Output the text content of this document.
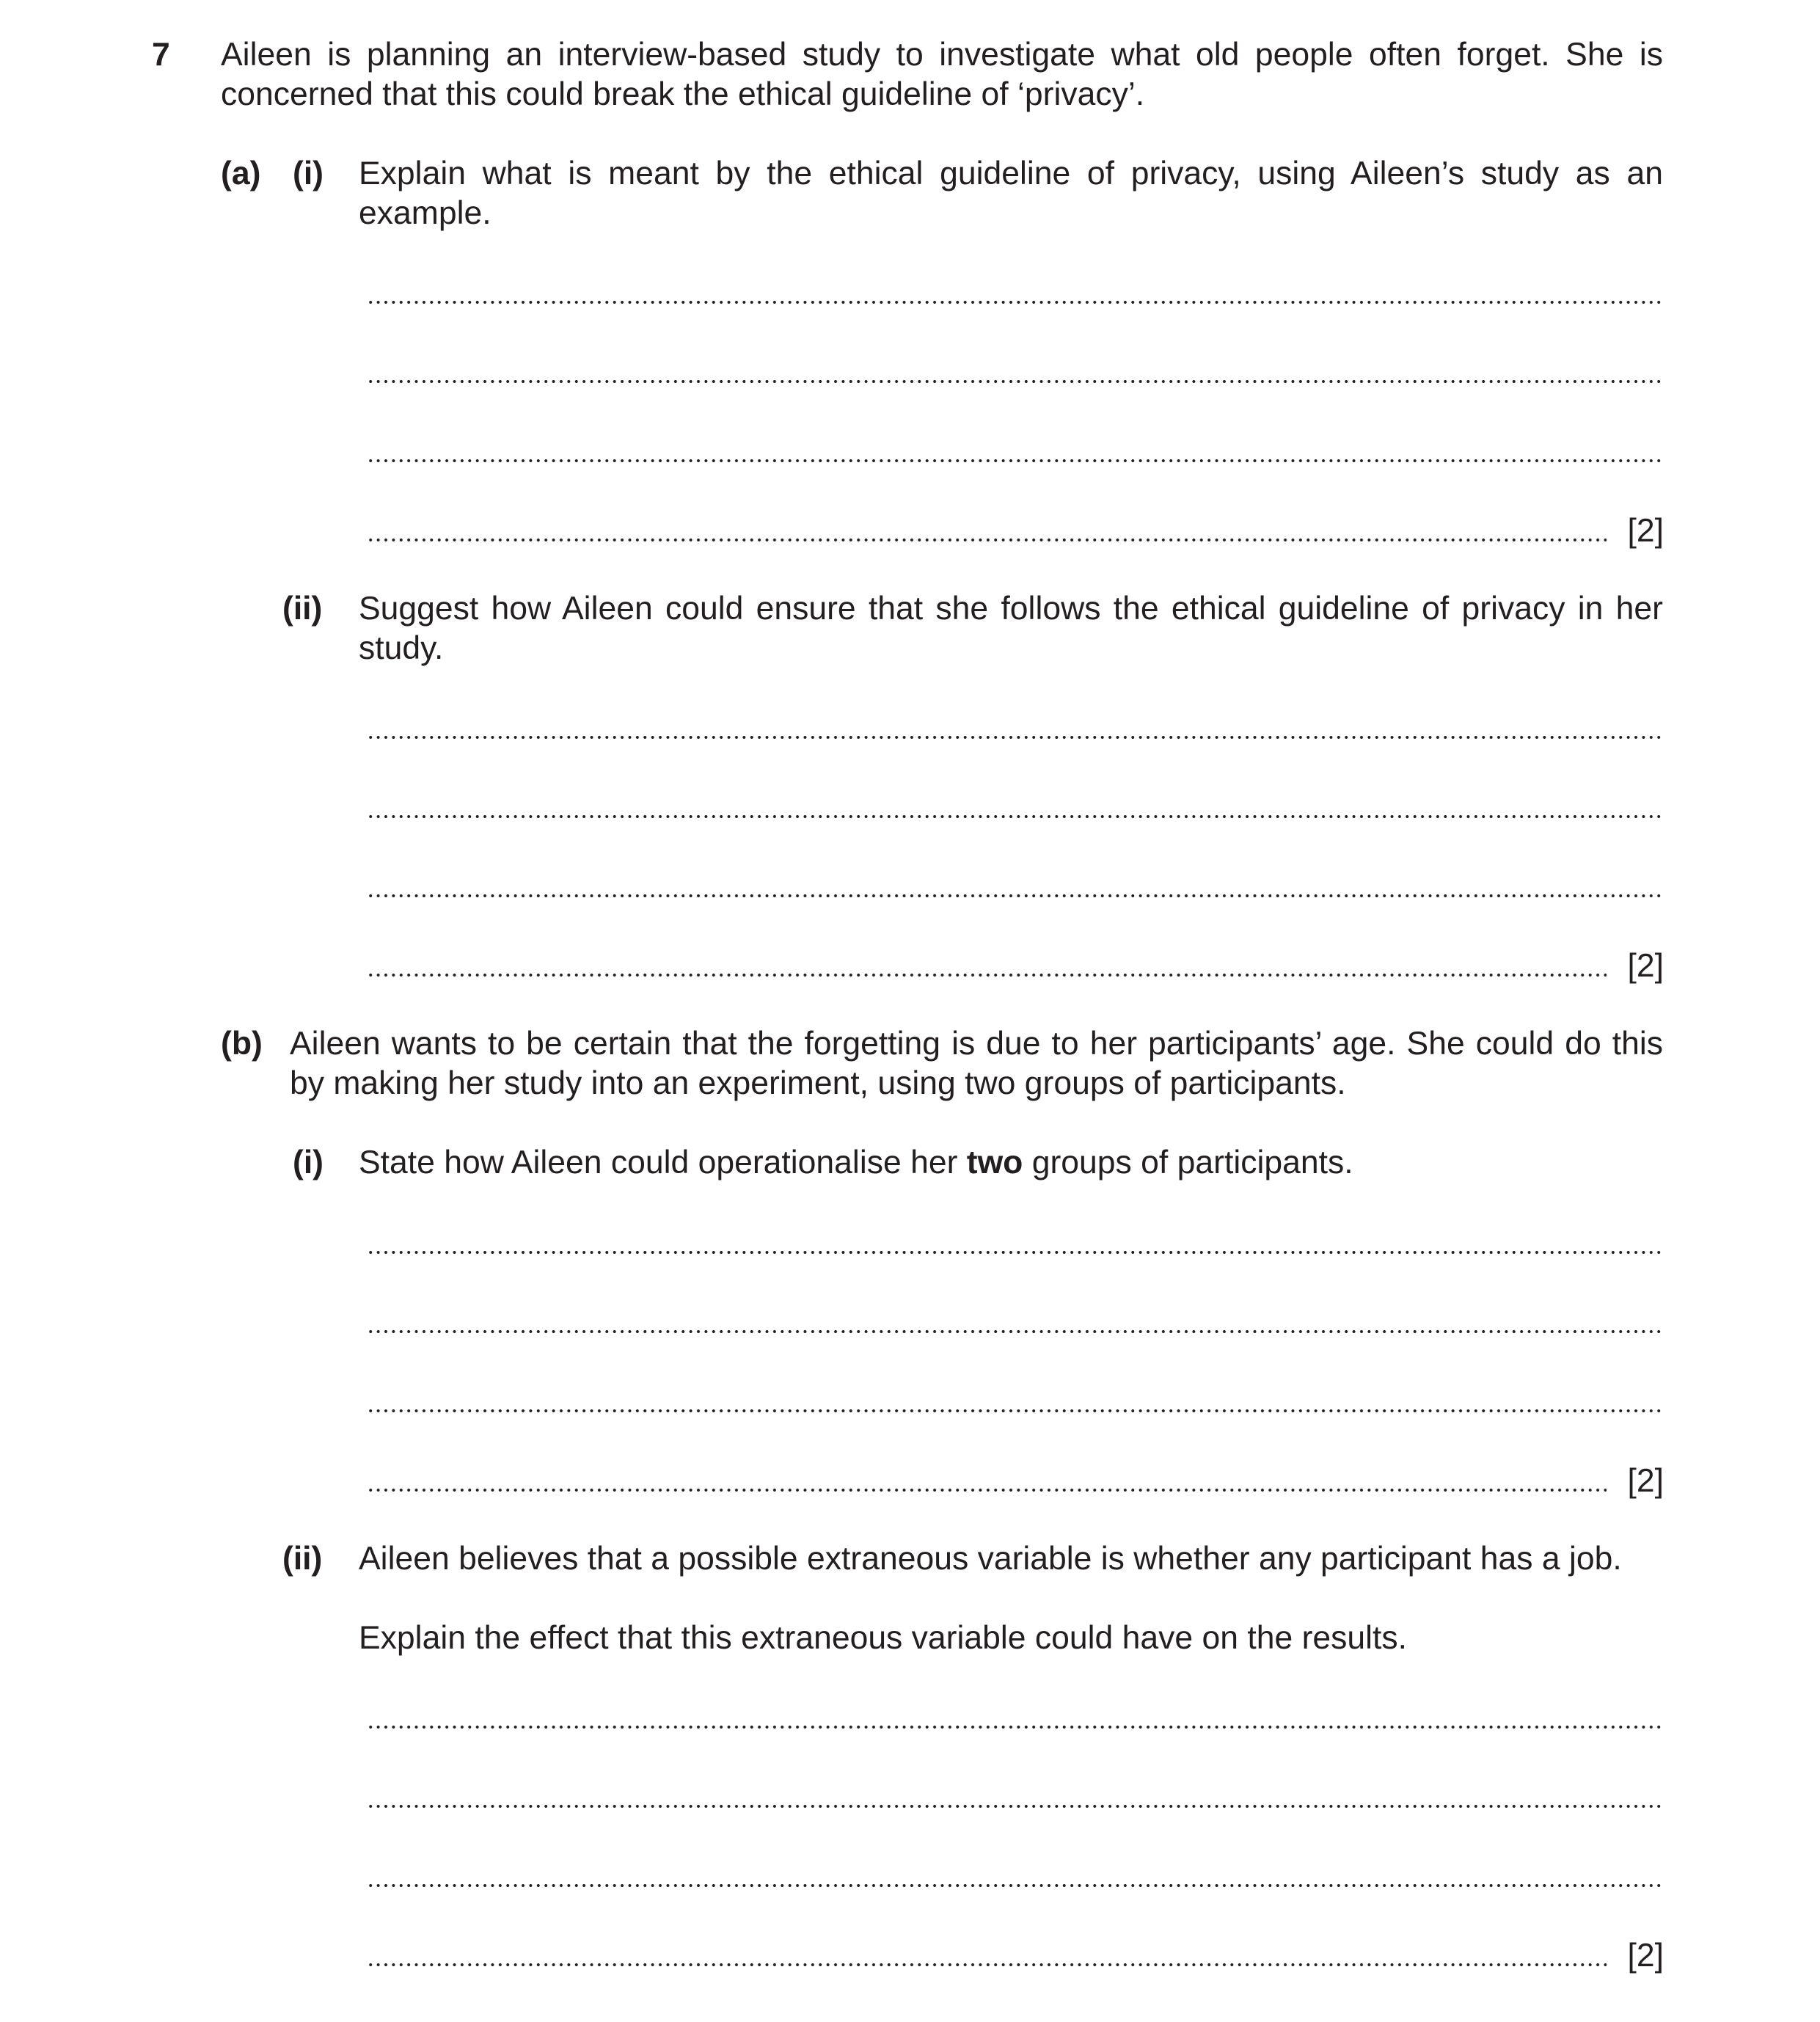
7 Aileen is planning an interview-based study to investigate what old people often forget. She is concerned that this could break the ethical guideline of ‘privacy’.
(a) (i) Explain what is meant by the ethical guideline of privacy, using Aileen’s study as an example.
[2]
(ii) Suggest how Aileen could ensure that she follows the ethical guideline of privacy in her study.
[2]
(b) Aileen wants to be certain that the forgetting is due to her participants’ age. She could do this by making her study into an experiment, using two groups of participants.
(i) State how Aileen could operationalise her two groups of participants.
[2]
(ii) Aileen believes that a possible extraneous variable is whether any participant has a job.
Explain the effect that this extraneous variable could have on the results.
[2]
